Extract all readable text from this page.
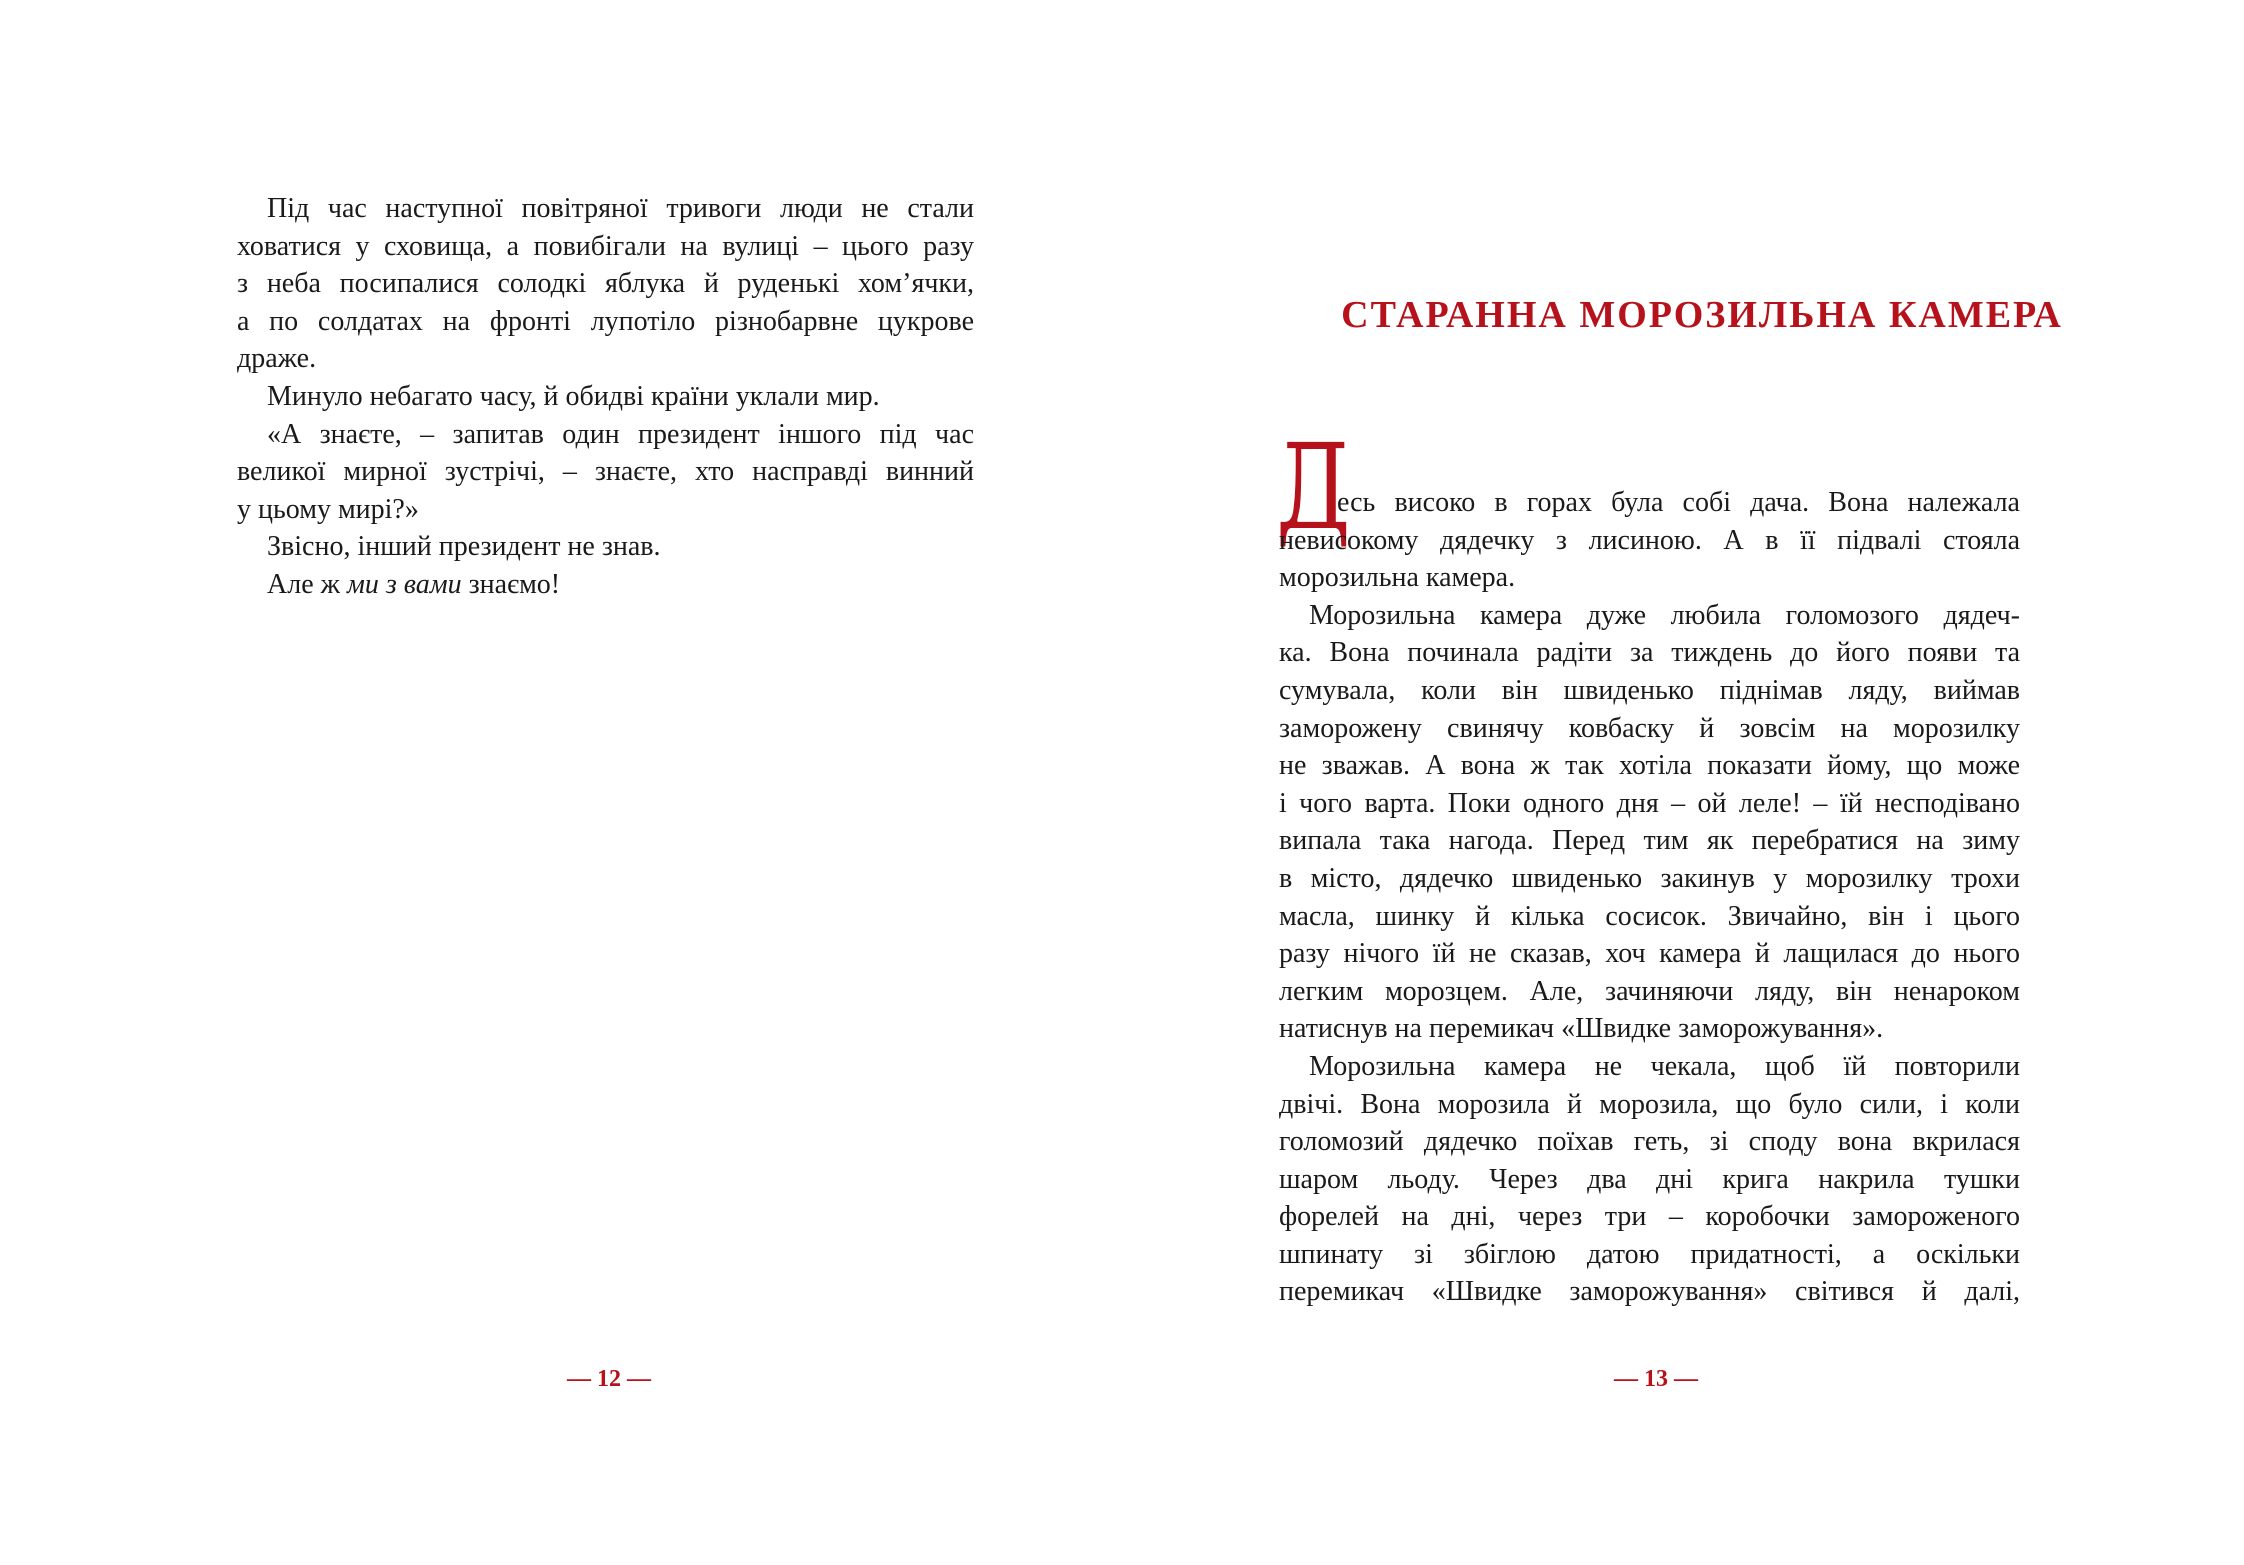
Під час наступної повітряної тривоги люди не стали
ховатися у сховища, а повибігали на вулиці – цього разу
з неба посипалися солодкі яблука й руденькі хом’ячки,
а по солдатах на фронті лупотіло різнобарвне цукрове
драже.
Минуло небагато часу, й обидві країни уклали мир.
«А знаєте, – запитав один президент іншого під час
великої мирної зустрічі, – знаєте, хто насправді винний
у цьому мирі?»
Звісно, інший президент не знав.
Але ж ми з вами знаємо!
— 12 —
СТАРАННА МОРОЗИЛЬНА КАМЕРА
Д
есь високо в горах була собі дача. Вона належала
невисокому дядечку з лисиною. А в її підвалі стояла
морозильна камера.
Морозильна камера дуже любила голомозого дядеч-
ка. Вона починала радіти за тиждень до його появи та
сумувала, коли він швиденько піднімав ляду, виймав
заморожену свинячу ковбаску й зовсім на морозилку
не зважав. А вона ж так хотіла показати йому, що може
і чого варта. Поки одного дня – ой леле! – їй несподівано
випала така нагода. Перед тим як перебратися на зиму
в місто, дядечко швиденько закинув у морозилку трохи
масла, шинку й кілька сосисок. Звичайно, він і цього
разу нічого їй не сказав, хоч камера й лащилася до нього
легким морозцем. Але, зачиняючи ляду, він ненароком
натиснув на перемикач «Швидке заморожування».
Морозильна камера не чекала, щоб їй повторили
двічі. Вона морозила й морозила, що було сили, і коли
голомозий дядечко поїхав геть, зі споду вона вкрилася
шаром льоду. Через два дні крига накрила тушки
форелей на дні, через три – коробочки замороженого
шпинату зі збіглою датою придатності, а оскільки
перемикач «Швидке заморожування» світився й далі,
— 13 —
